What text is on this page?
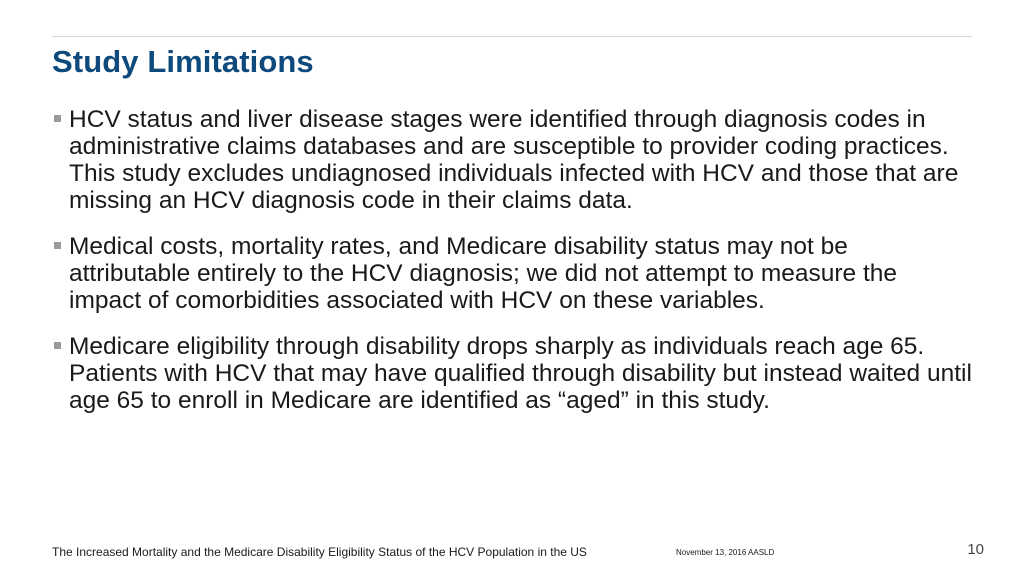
Study Limitations
HCV status and liver disease stages were identified through diagnosis codes in administrative claims databases and are susceptible to provider coding practices. This study excludes undiagnosed individuals infected with HCV and those that are missing an HCV diagnosis code in their claims data.
Medical costs, mortality rates, and Medicare disability status may not be attributable entirely to the HCV diagnosis; we did not attempt to measure the impact of comorbidities associated with HCV on these variables.
Medicare eligibility through disability drops sharply as individuals reach age 65. Patients with HCV that may have qualified through disability but instead waited until age 65 to enroll in Medicare are identified as “aged” in this study.
The Increased Mortality and the Medicare Disability Eligibility Status of the HCV Population in the US	November 13, 2016 AASLD	10
